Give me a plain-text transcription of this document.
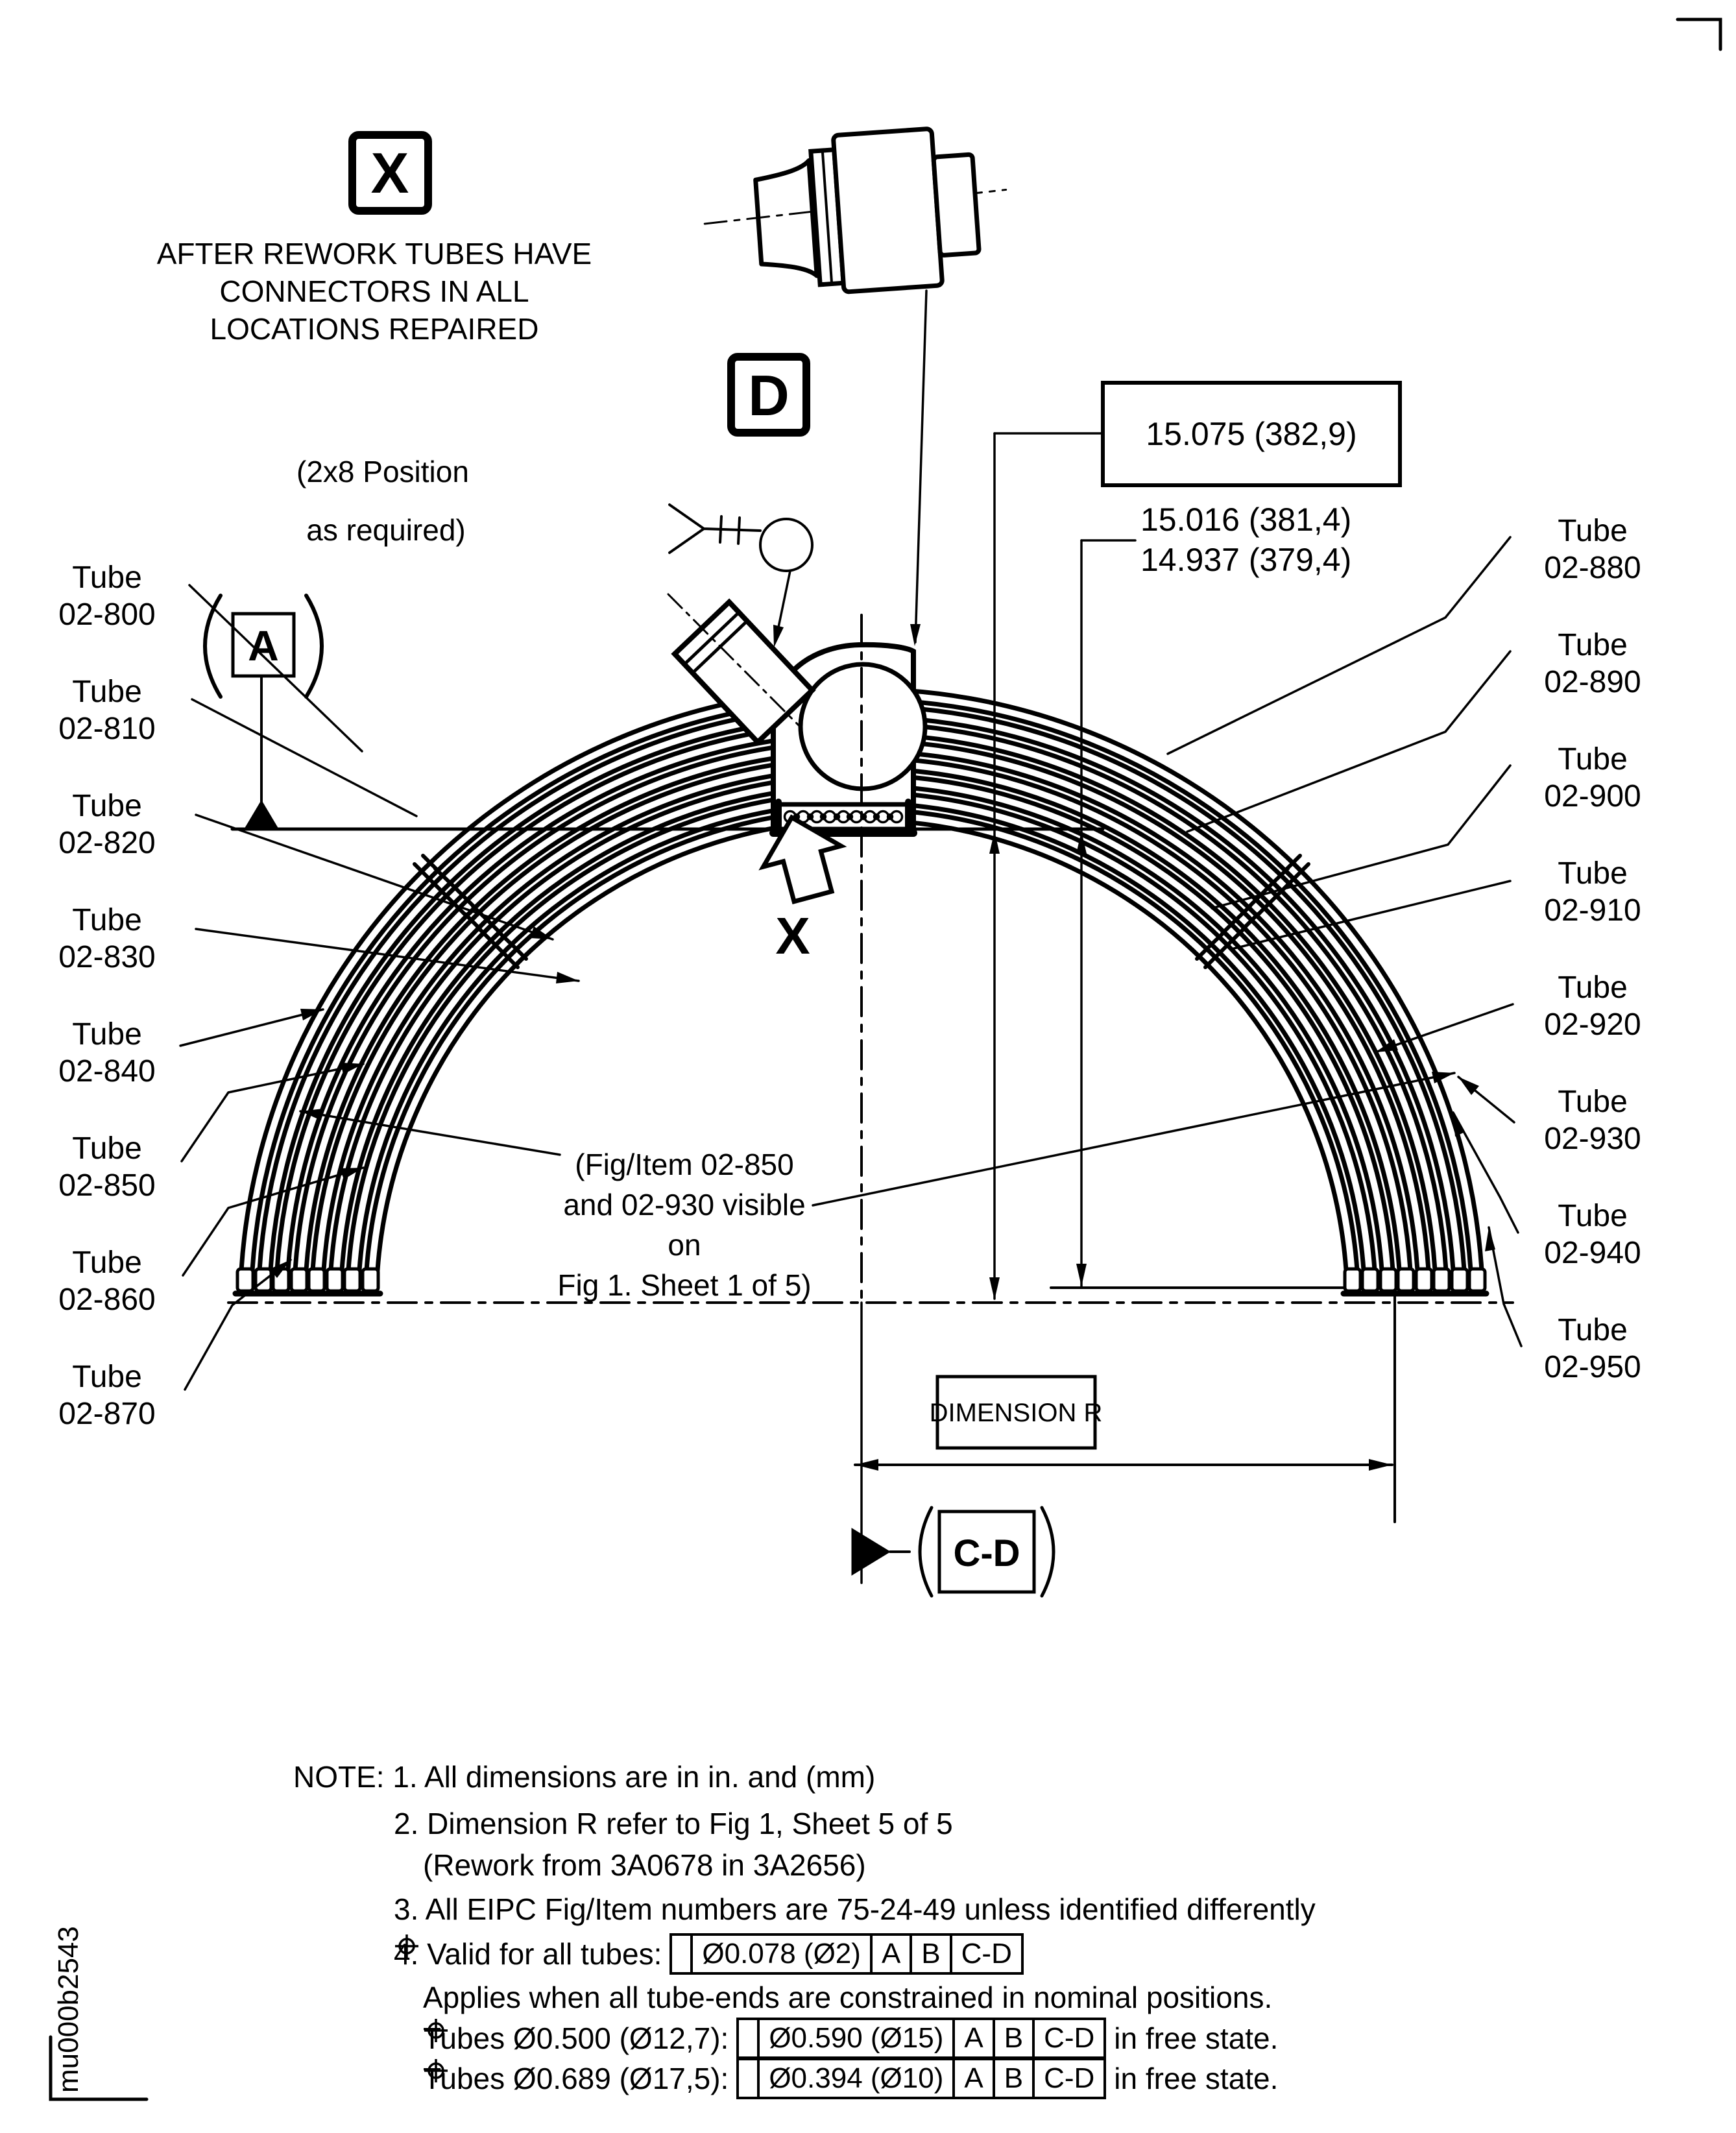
X
D
A
C-D
15.075 (382,9)
15.016 (381,4)
14.937 (379,4)
DIMENSION R
X
mu000b2543
AFTER REWORK TUBES HAVE
CONNECTORS IN ALL
LOCATIONS REPAIRED
(2x8 Position
as required)
(Fig/Item 02-850
and 02-930 visible on
Fig 1. Sheet 1 of 5)
Tube
02-800
Tube
02-810
Tube
02-820
Tube
02-830
Tube
02-840
Tube
02-850
Tube
02-860
Tube
02-870
Tube
02-880
Tube
02-890
Tube
02-900
Tube
02-910
Tube
02-920
Tube
02-930
Tube
02-940
Tube
02-950
NOTE:
1. All dimensions are in in. and (mm)
2. Dimension R refer to Fig 1, Sheet 5 of 5
(Rework from 3A0678 in 3A2656)
3. All EIPC Fig/Item numbers are 75-24-49 unless identified differently
4. Valid for all tubes:	Ø0.078 (Ø2) A B C-D
Applies when all tube-ends are constrained in nominal positions.
Tubes Ø0.500 (Ø12,7):	Ø0.590 (Ø15) A B C-D in free state.
Tubes Ø0.689 (Ø17,5):	Ø0.394 (Ø10) A B C-D in free state.
